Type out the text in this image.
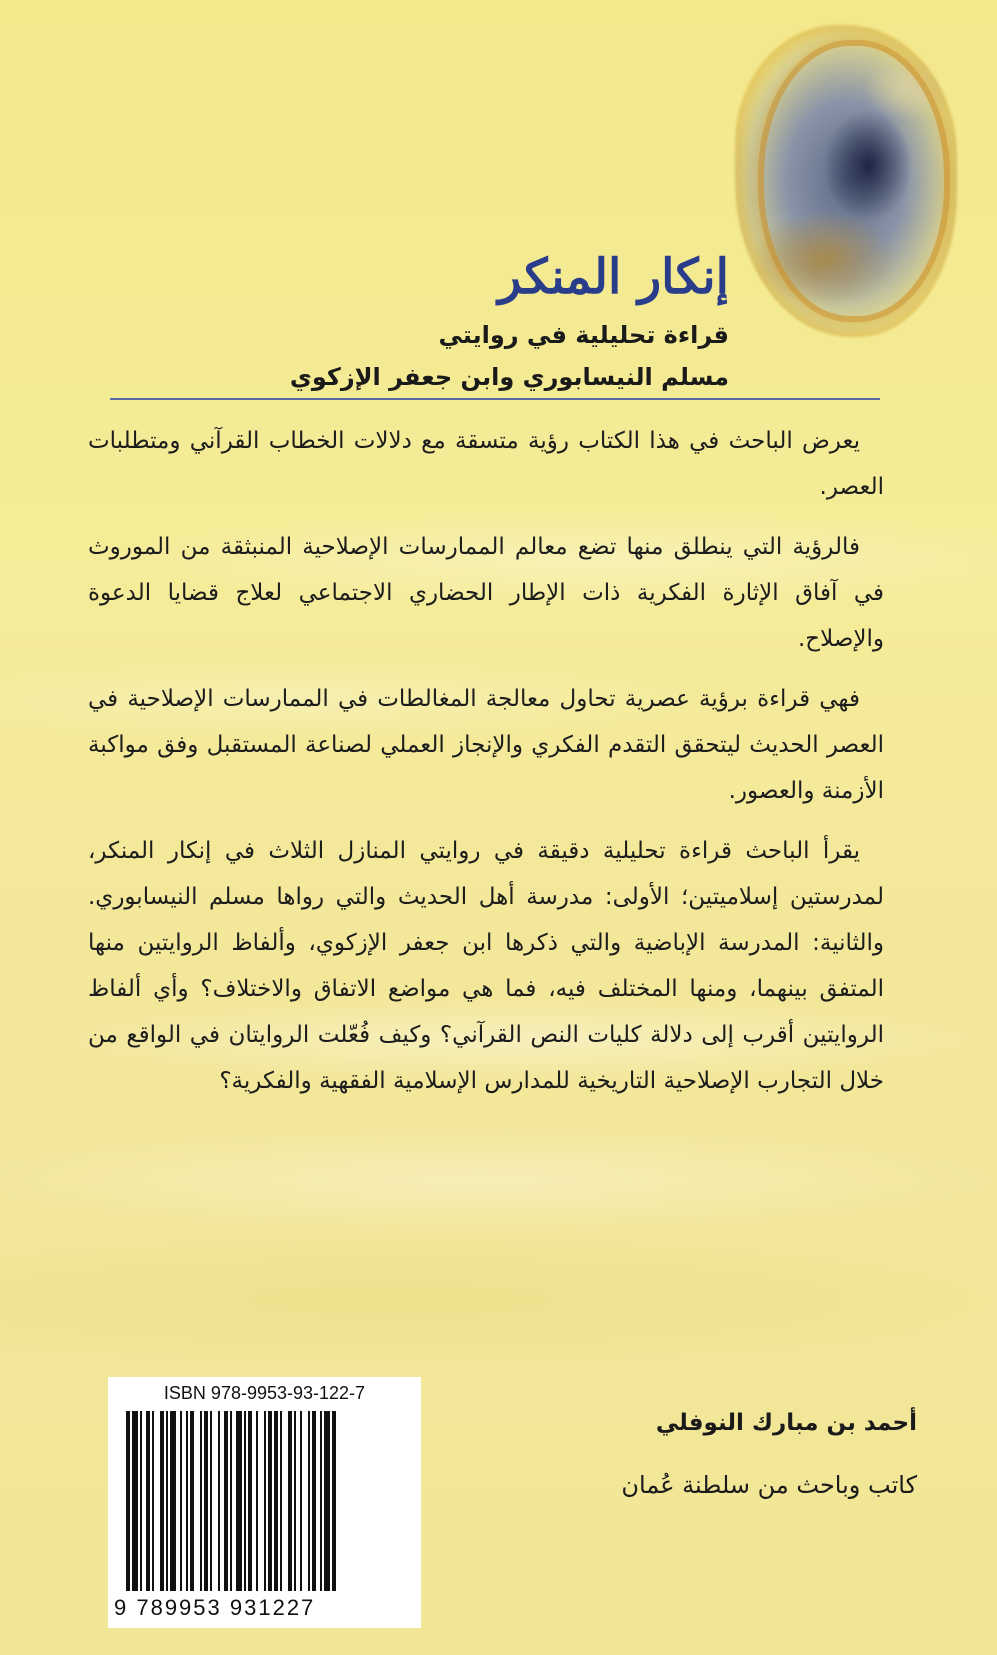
إنكار المنكر
قراءة تحليلية في روايتي
مسلم النيسابوري وابن جعفر الإزكوي

يعرض الباحث في هذا الكتاب رؤية متسقة مع دلالات الخطاب القرآني ومتطلبات العصر.

فالرؤية التي ينطلق منها تضع معالم الممارسات الإصلاحية المنبثقة من الموروث في آفاق الإثارة الفكرية ذات الإطار الحضاري الاجتماعي لعلاج قضايا الدعوة والإصلاح.

فهي قراءة برؤية عصرية تحاول معالجة المغالطات في الممارسات الإصلاحية في العصر الحديث ليتحقق التقدم الفكري والإنجاز العملي لصناعة المستقبل وفق مواكبة الأزمنة والعصور.

يقرأ الباحث قراءة تحليلية دقيقة في روايتي المنازل الثلاث في إنكار المنكر، لمدرستين إسلاميتين؛ الأولى: مدرسة أهل الحديث والتي رواها مسلم النيسابوري. والثانية: المدرسة الإباضية والتي ذكرها ابن جعفر الإزكوي، وألفاظ الروايتين منها المتفق بينهما، ومنها المختلف فيه، فما هي مواضع الاتفاق والاختلاف؟ وأي ألفاظ الروايتين أقرب إلى دلالة كليات النص القرآني؟ وكيف فُعّلت الروايتان في الواقع من خلال التجارب الإصلاحية التاريخية للمدارس الإسلامية الفقهية والفكرية؟

ISBN 978-9953-93-122-7
9 789953 931227
أحمد بن مبارك النوفلي
كاتب وباحث من سلطنة عُمان
